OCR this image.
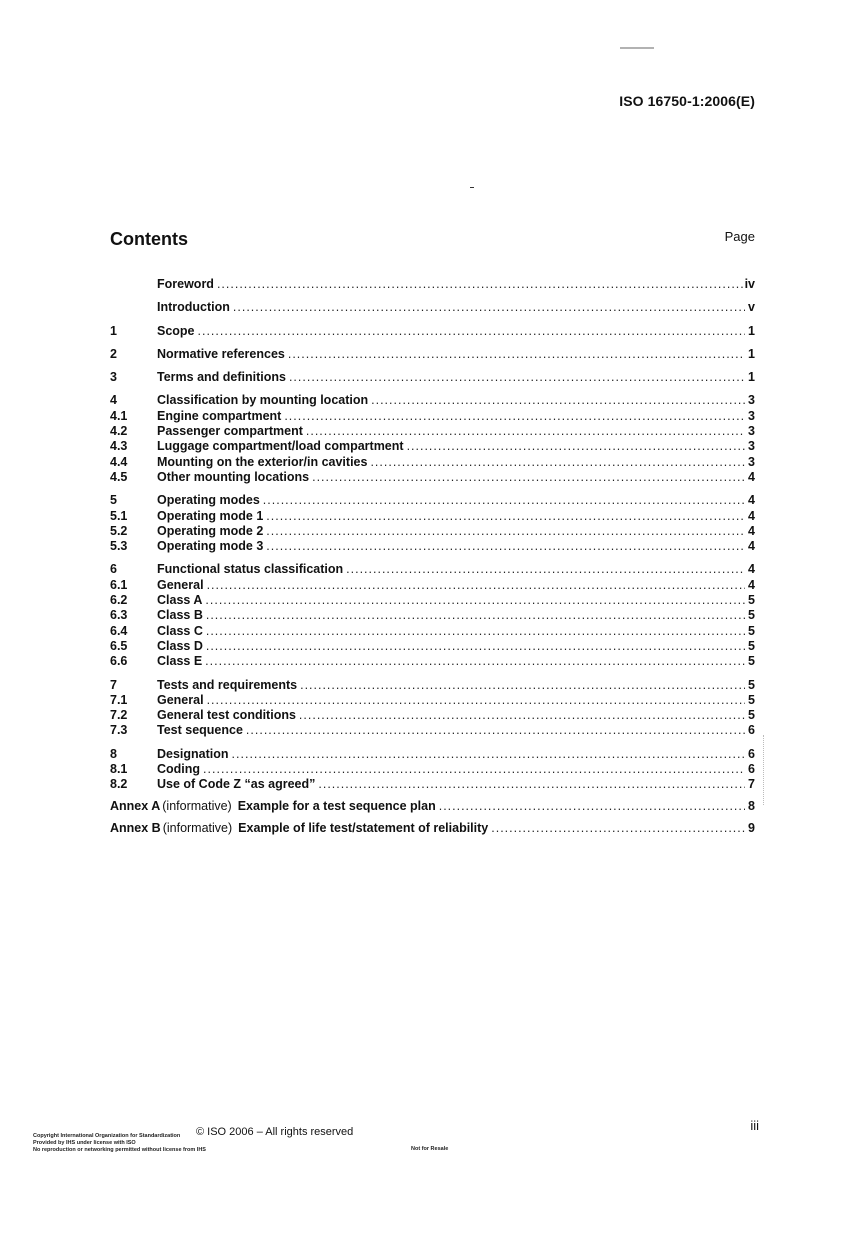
ISO 16750-1:2006(E)
Contents	Page
Foreword .....	iv
Introduction .....	v
1	Scope .....	1
2	Normative references .....	1
3	Terms and definitions .....	1
4	Classification by mounting location .....	3
4.1	Engine compartment .....	3
4.2	Passenger compartment .....	3
4.3	Luggage compartment/load compartment .....	3
4.4	Mounting on the exterior/in cavities .....	3
4.5	Other mounting locations .....	4
5	Operating modes .....	4
5.1	Operating mode 1 .....	4
5.2	Operating mode 2 .....	4
5.3	Operating mode 3 .....	4
6	Functional status classification .....	4
6.1	General .....	4
6.2	Class A .....	5
6.3	Class B .....	5
6.4	Class C .....	5
6.5	Class D .....	5
6.6	Class E .....	5
7	Tests and requirements .....	5
7.1	General .....	5
7.2	General test conditions .....	5
7.3	Test sequence .....	6
8	Designation .....	6
8.1	Coding .....	6
8.2	Use of Code Z “as agreed” .....	7
Annex A (informative) Example for a test sequence plan .....	8
Annex B (informative) Example of life test/statement of reliability .....	9
© ISO 2006 – All rights reserved	iii
Copyright International Organization for Standardization
Provided by IHS under license with ISO
No reproduction or networking permitted without license from IHS	Not for Resale
